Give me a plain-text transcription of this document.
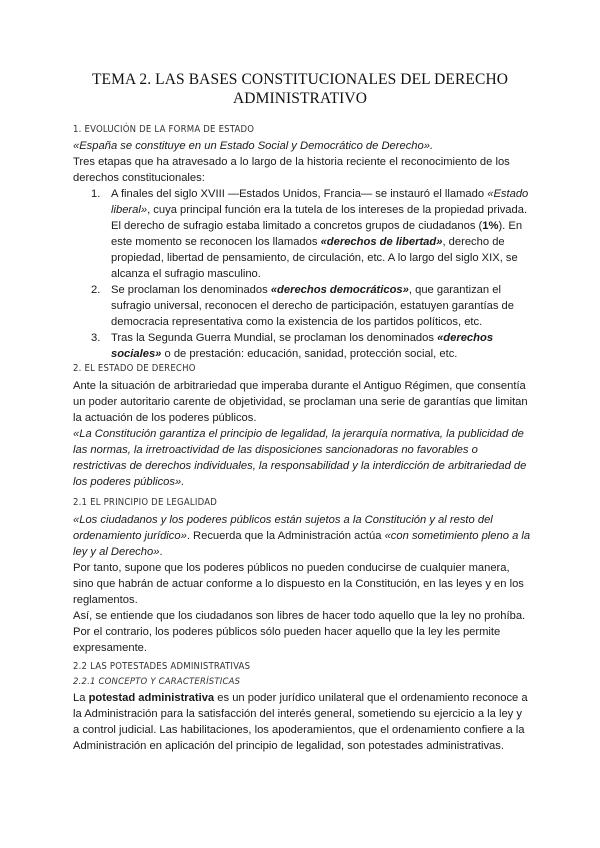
TEMA 2. LAS BASES CONSTITUCIONALES DEL DERECHO
ADMINISTRATIVO
1. EVOLUCIÓN DE LA FORMA DE ESTADO

«España se constituye en un Estado Social y Democrático de Derecho».

Tres etapas que ha atravesado a lo largo de la historia reciente el reconocimiento de los derechos constitucionales:

1. A finales del siglo XVIII —Estados Unidos, Francia— se instauró el llamado «Estado liberal», cuya principal función era la tutela de los intereses de la propiedad privada. El derecho de sufragio estaba limitado a concretos grupos de ciudadanos (1%). En este momento se reconocen los llamados «derechos de libertad», derecho de propiedad, libertad de pensamiento, de circulación, etc. A lo largo del siglo XIX, se alcanza el sufragio masculino.
2. Se proclaman los denominados «derechos democráticos», que garantizan el sufragio universal, reconocen el derecho de participación, estatuyen garantías de democracia representativa como la existencia de los partidos políticos, etc.
3. Tras la Segunda Guerra Mundial, se proclaman los denominados «derechos sociales» o de prestación: educación, sanidad, protección social, etc.
2. EL ESTADO DE DERECHO

Ante la situación de arbitrariedad que imperaba durante el Antiguo Régimen, que consentía un poder autoritario carente de objetividad, se proclaman una serie de garantías que limitan la actuación de los poderes públicos.

«La Constitución garantiza el principio de legalidad, la jerarquía normativa, la publicidad de las normas, la irretroactividad de las disposiciones sancionadoras no favorables o restrictivas de derechos individuales, la responsabilidad y la interdicción de arbitrariedad de los poderes públicos».

2.1 EL PRINCIPIO DE LEGALIDAD

«Los ciudadanos y los poderes públicos están sujetos a la Constitución y al resto del ordenamiento jurídico». Recuerda que la Administración actúa «con sometimiento pleno a la ley y al Derecho».

Por tanto, supone que los poderes públicos no pueden conducirse de cualquier manera, sino que habrán de actuar conforme a lo dispuesto en la Constitución, en las leyes y en los reglamentos.

Así, se entiende que los ciudadanos son libres de hacer todo aquello que la ley no prohíba. Por el contrario, los poderes públicos sólo pueden hacer aquello que la ley les permite expresamente.

2.2 LAS POTESTADES ADMINISTRATIVAS
2.2.1 CONCEPTO Y CARACTERÍSTICAS

La potestad administrativa es un poder jurídico unilateral que el ordenamiento reconoce a la Administración para la satisfacción del interés general, sometiendo su ejercicio a la ley y a control judicial. Las habilitaciones, los apoderamientos, que el ordenamiento confiere a la Administración en aplicación del principio de legalidad, son potestades administrativas.
